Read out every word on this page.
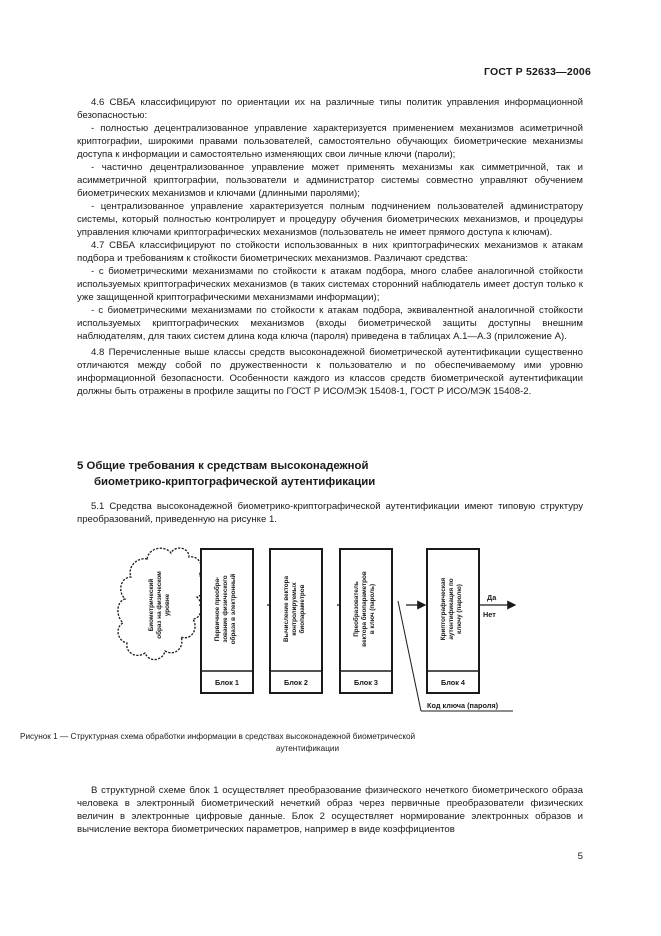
ГОСТ Р 52633—2006

4.6 СВБА классифицируют по ориентации их на различные типы политик управления информационной безопасностью:

- полностью децентрализованное управление характеризуется применением механизмов асиметричной криптографии, широкими правами пользователей, самостоятельно обучающих биометрические механизмы доступа к информации и самостоятельно изменяющих свои личные ключи (пароли);

- частично децентрализованное управление может применять механизмы как симметричной, так и асимметричной криптографии, пользователи и администратор системы совместно управляют обучением биометрических механизмов и ключами (длинными паролями);

- централизованное управление характеризуется полным подчинением пользователей администратору системы, который полностью контролирует и процедуру обучения биометрических механизмов, и процедуры управления ключами криптографических механизмов (пользователь не имеет прямого доступа к ключам).

4.7 СВБА классифицируют по стойкости использованных в них криптографических механизмов к атакам подбора и требованиям к стойкости биометрических механизмов. Различают средства:

- с биометрическими механизмами по стойкости к атакам подбора, много слабее аналогичной стойкости используемых криптографических механизмов (в таких системах сторонний наблюдатель имеет доступ только к уже защищенной криптографическими механизмами информации);

- с биометрическими механизмами по стойкости к атакам подбора, эквивалентной аналогичной стойкости используемых криптографических механизмов (входы биометрической защиты доступны внешним наблюдателям, для таких систем длина кода ключа (пароля) приведена в таблицах А.1—А.3 (приложение А).

4.8 Перечисленные выше классы средств высоконадежной биометрической аутентификации существенно отличаются между собой по дружественности к пользователю и по обеспечиваемому ими уровню информационной безопасности. Особенности каждого из классов средств биометрической аутентификации должны быть отражены в профиле защиты по ГОСТ Р ИСО/МЭК 15408-1, ГОСТ Р ИСО/МЭК 15408-2.

5 Общие требования к средствам высоконадежной
биометрико-криптографической аутентификации

5.1 Средства высоконадежной биометрико-криптографической аутентификации имеют типовую структуру преобразований, приведенную на рисунке 1.

Биометрический образ на физическом уровне	Первичное преобра- зование физического образа в электронный
Блок 1
Вычисление вектора контролируемых биопараметров
Блок 2
Преобразователь вектора биопараметров в ключ (пароль)
Блок 3
Криптографическая аутентификация по ключу (паролю)
Блок 4
Код ключа (пароля)
Да
Нет
Рисунок 1 — Структурная схема обработки информации в средствах высоконадежной биометрической
аутентификации

В структурной схеме блок 1 осуществляет преобразование физического нечеткого биометрического образа человека в электронный биометрический нечеткий образ через первичные преобразователи физических величин в электронные цифровые данные. Блок 2 осуществляет нормирование электронных образов и вычисление вектора биометрических параметров, например в виде коэффициентов

5
